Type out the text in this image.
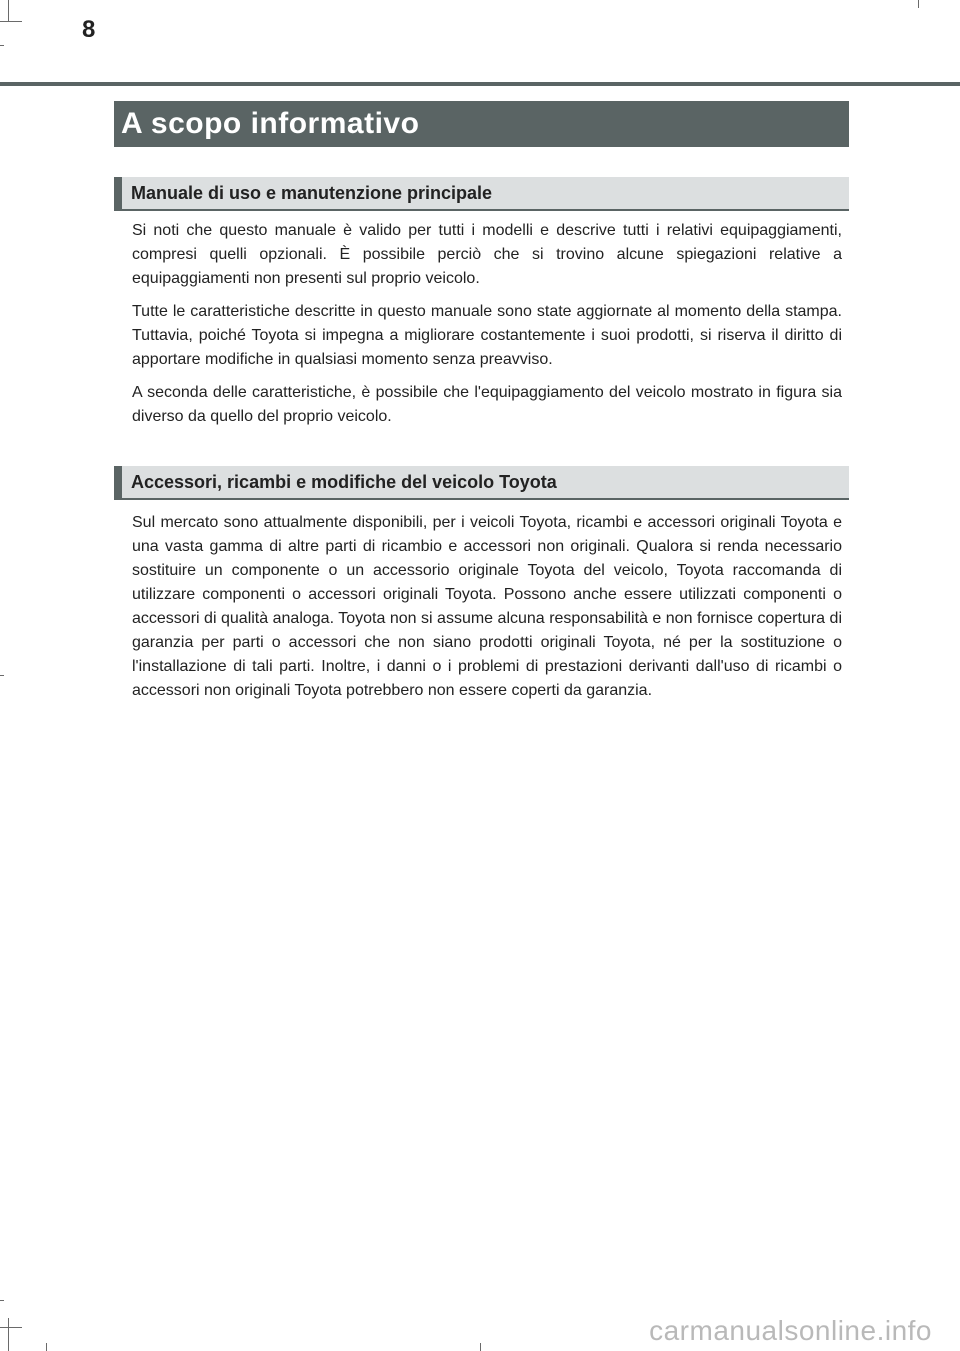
8
A scopo informativo
Manuale di uso e manutenzione principale

Si noti che questo manuale è valido per tutti i modelli e descrive tutti i relativi equipaggiamenti, compresi quelli opzionali. È possibile perciò che si trovino alcune spiegazioni relative a equipaggiamenti non presenti sul proprio veicolo.

Tutte le caratteristiche descritte in questo manuale sono state aggiornate al momento della stampa. Tuttavia, poiché Toyota si impegna a migliorare costantemente i suoi prodotti, si riserva il diritto di apportare modifiche in qualsiasi momento senza preavviso.

A seconda delle caratteristiche, è possibile che l'equipaggiamento del veicolo mostrato in figura sia diverso da quello del proprio veicolo.

Accessori, ricambi e modifiche del veicolo Toyota

Sul mercato sono attualmente disponibili, per i veicoli Toyota, ricambi e accessori originali Toyota e una vasta gamma di altre parti di ricambio e accessori non originali. Qualora si renda necessario sostituire un componente o un accessorio originale Toyota del veicolo, Toyota raccomanda di utilizzare componenti o accessori originali Toyota. Possono anche essere utilizzati componenti o accessori di qualità analoga. Toyota non si assume alcuna responsabilità e non fornisce copertura di garanzia per parti o accessori che non siano prodotti originali Toyota, né per la sostituzione o l'installazione di tali parti. Inoltre, i danni o i problemi di prestazioni derivanti dall'uso di ricambi o accessori non originali Toyota potrebbero non essere coperti da garanzia.

carmanualsonline.info
